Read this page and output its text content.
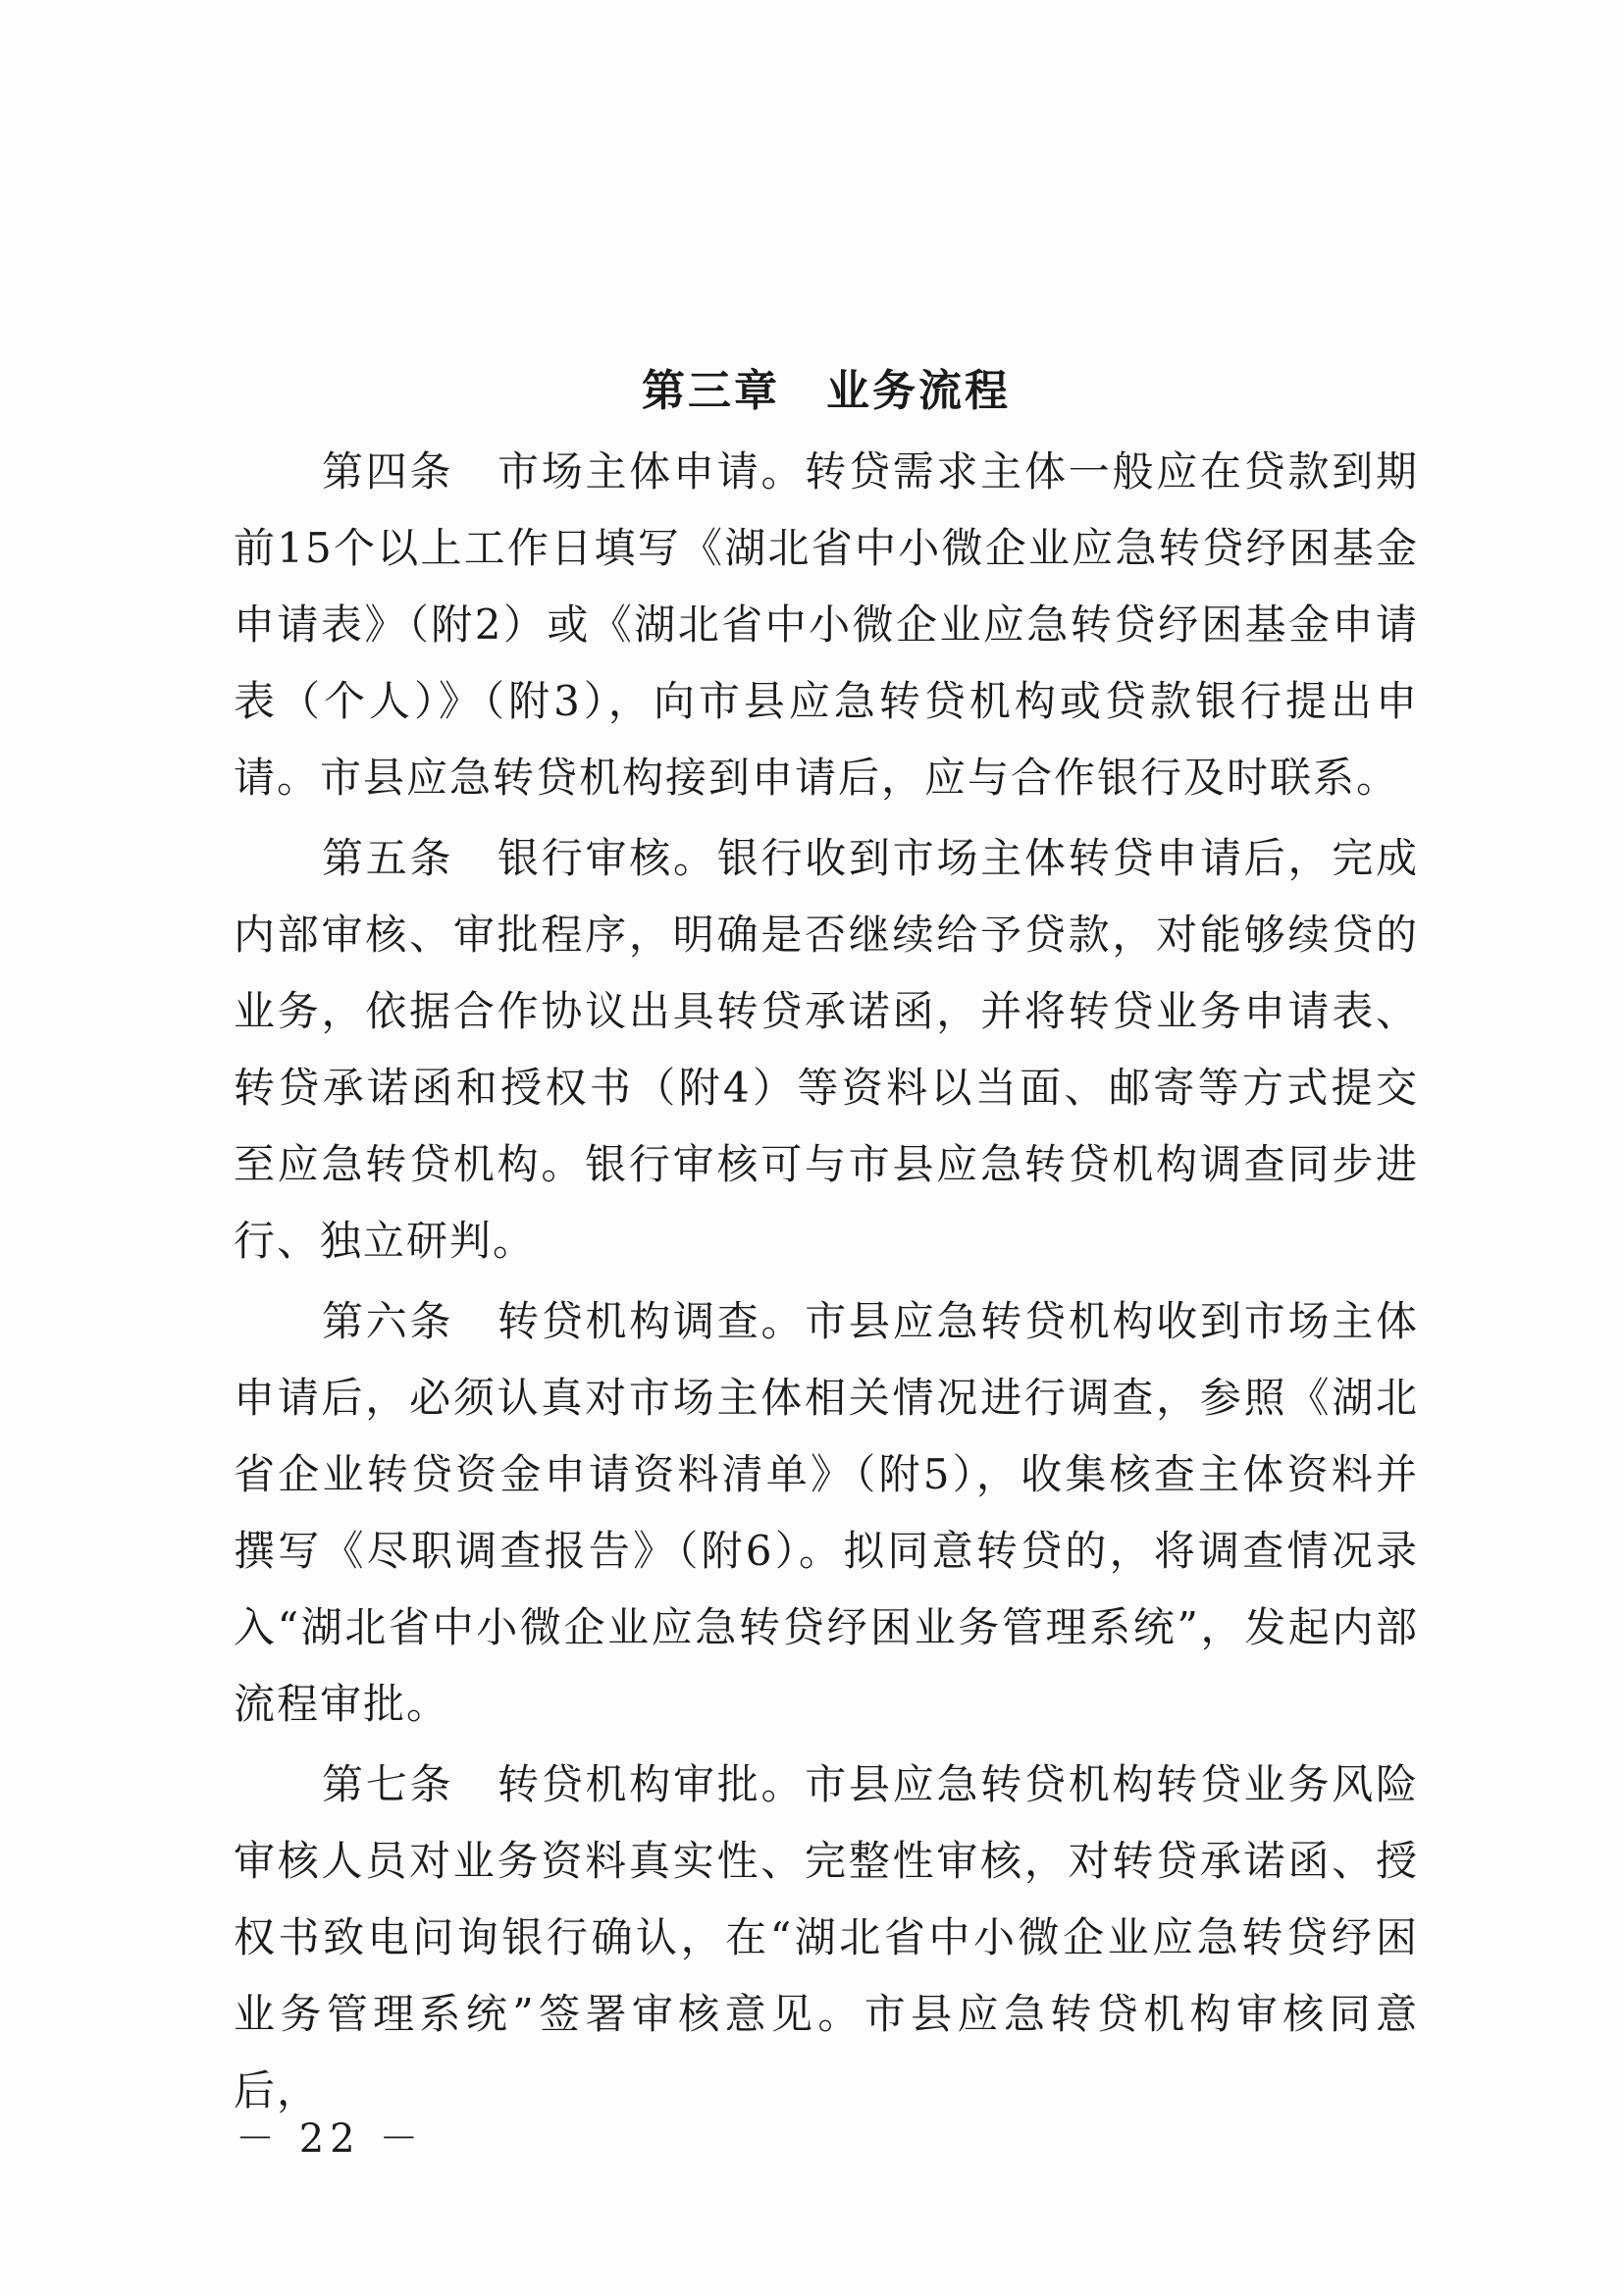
第三章　业务流程

第四条　市场主体申请。转贷需求主体一般应在贷款到期前15个以上工作日填写《湖北省中小微企业应急转贷纾困基金申请表》（附2）或《湖北省中小微企业应急转贷纾困基金申请表（个人）》（附3），向市县应急转贷机构或贷款银行提出申请。市县应急转贷机构接到申请后，应与合作银行及时联系。

第五条　银行审核。银行收到市场主体转贷申请后，完成内部审核、审批程序，明确是否继续给予贷款，对能够续贷的业务，依据合作协议出具转贷承诺函，并将转贷业务申请表、转贷承诺函和授权书（附4）等资料以当面、邮寄等方式提交至应急转贷机构。银行审核可与市县应急转贷机构调查同步进行、独立研判。

第六条　转贷机构调查。市县应急转贷机构收到市场主体申请后，必须认真对市场主体相关情况进行调查，参照《湖北省企业转贷资金申请资料清单》（附5），收集核查主体资料并撰写《尽职调查报告》（附6）。拟同意转贷的，将调查情况录入“湖北省中小微企业应急转贷纾困业务管理系统”，发起内部流程审批。

第七条　转贷机构审批。市县应急转贷机构转贷业务风险审核人员对业务资料真实性、完整性审核，对转贷承诺函、授权书致电问询银行确认，在“湖北省中小微企业应急转贷纾困业务管理系统”签署审核意见。市县应急转贷机构审核同意后，

－ 22 －
